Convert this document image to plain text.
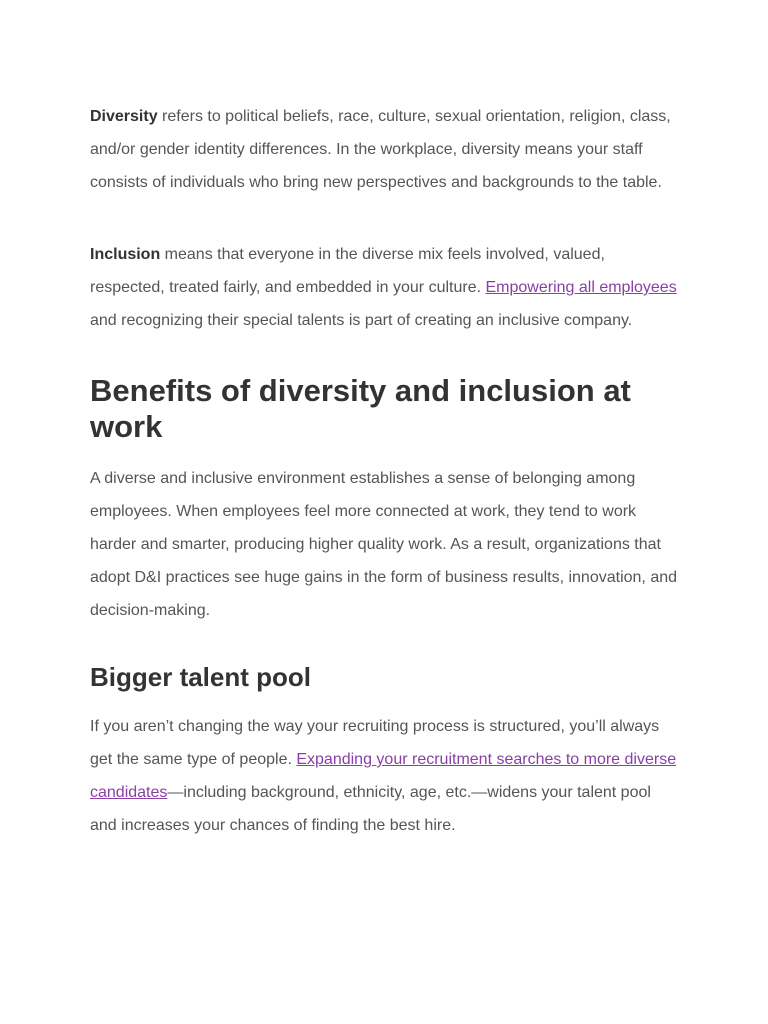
Diversity refers to political beliefs, race, culture, sexual orientation, religion, class, and/or gender identity differences. In the workplace, diversity means your staff consists of individuals who bring new perspectives and backgrounds to the table.

Inclusion means that everyone in the diverse mix feels involved, valued, respected, treated fairly, and embedded in your culture. Empowering all employees and recognizing their special talents is part of creating an inclusive company.

Benefits of diversity and inclusion at work

A diverse and inclusive environment establishes a sense of belonging among employees. When employees feel more connected at work, they tend to work harder and smarter, producing higher quality work. As a result, organizations that adopt D&I practices see huge gains in the form of business results, innovation, and decision-making.

Bigger talent pool

If you aren’t changing the way your recruiting process is structured, you’ll always get the same type of people. Expanding your recruitment searches to more diverse candidates—including background, ethnicity, age, etc.—widens your talent pool and increases your chances of finding the best hire.
